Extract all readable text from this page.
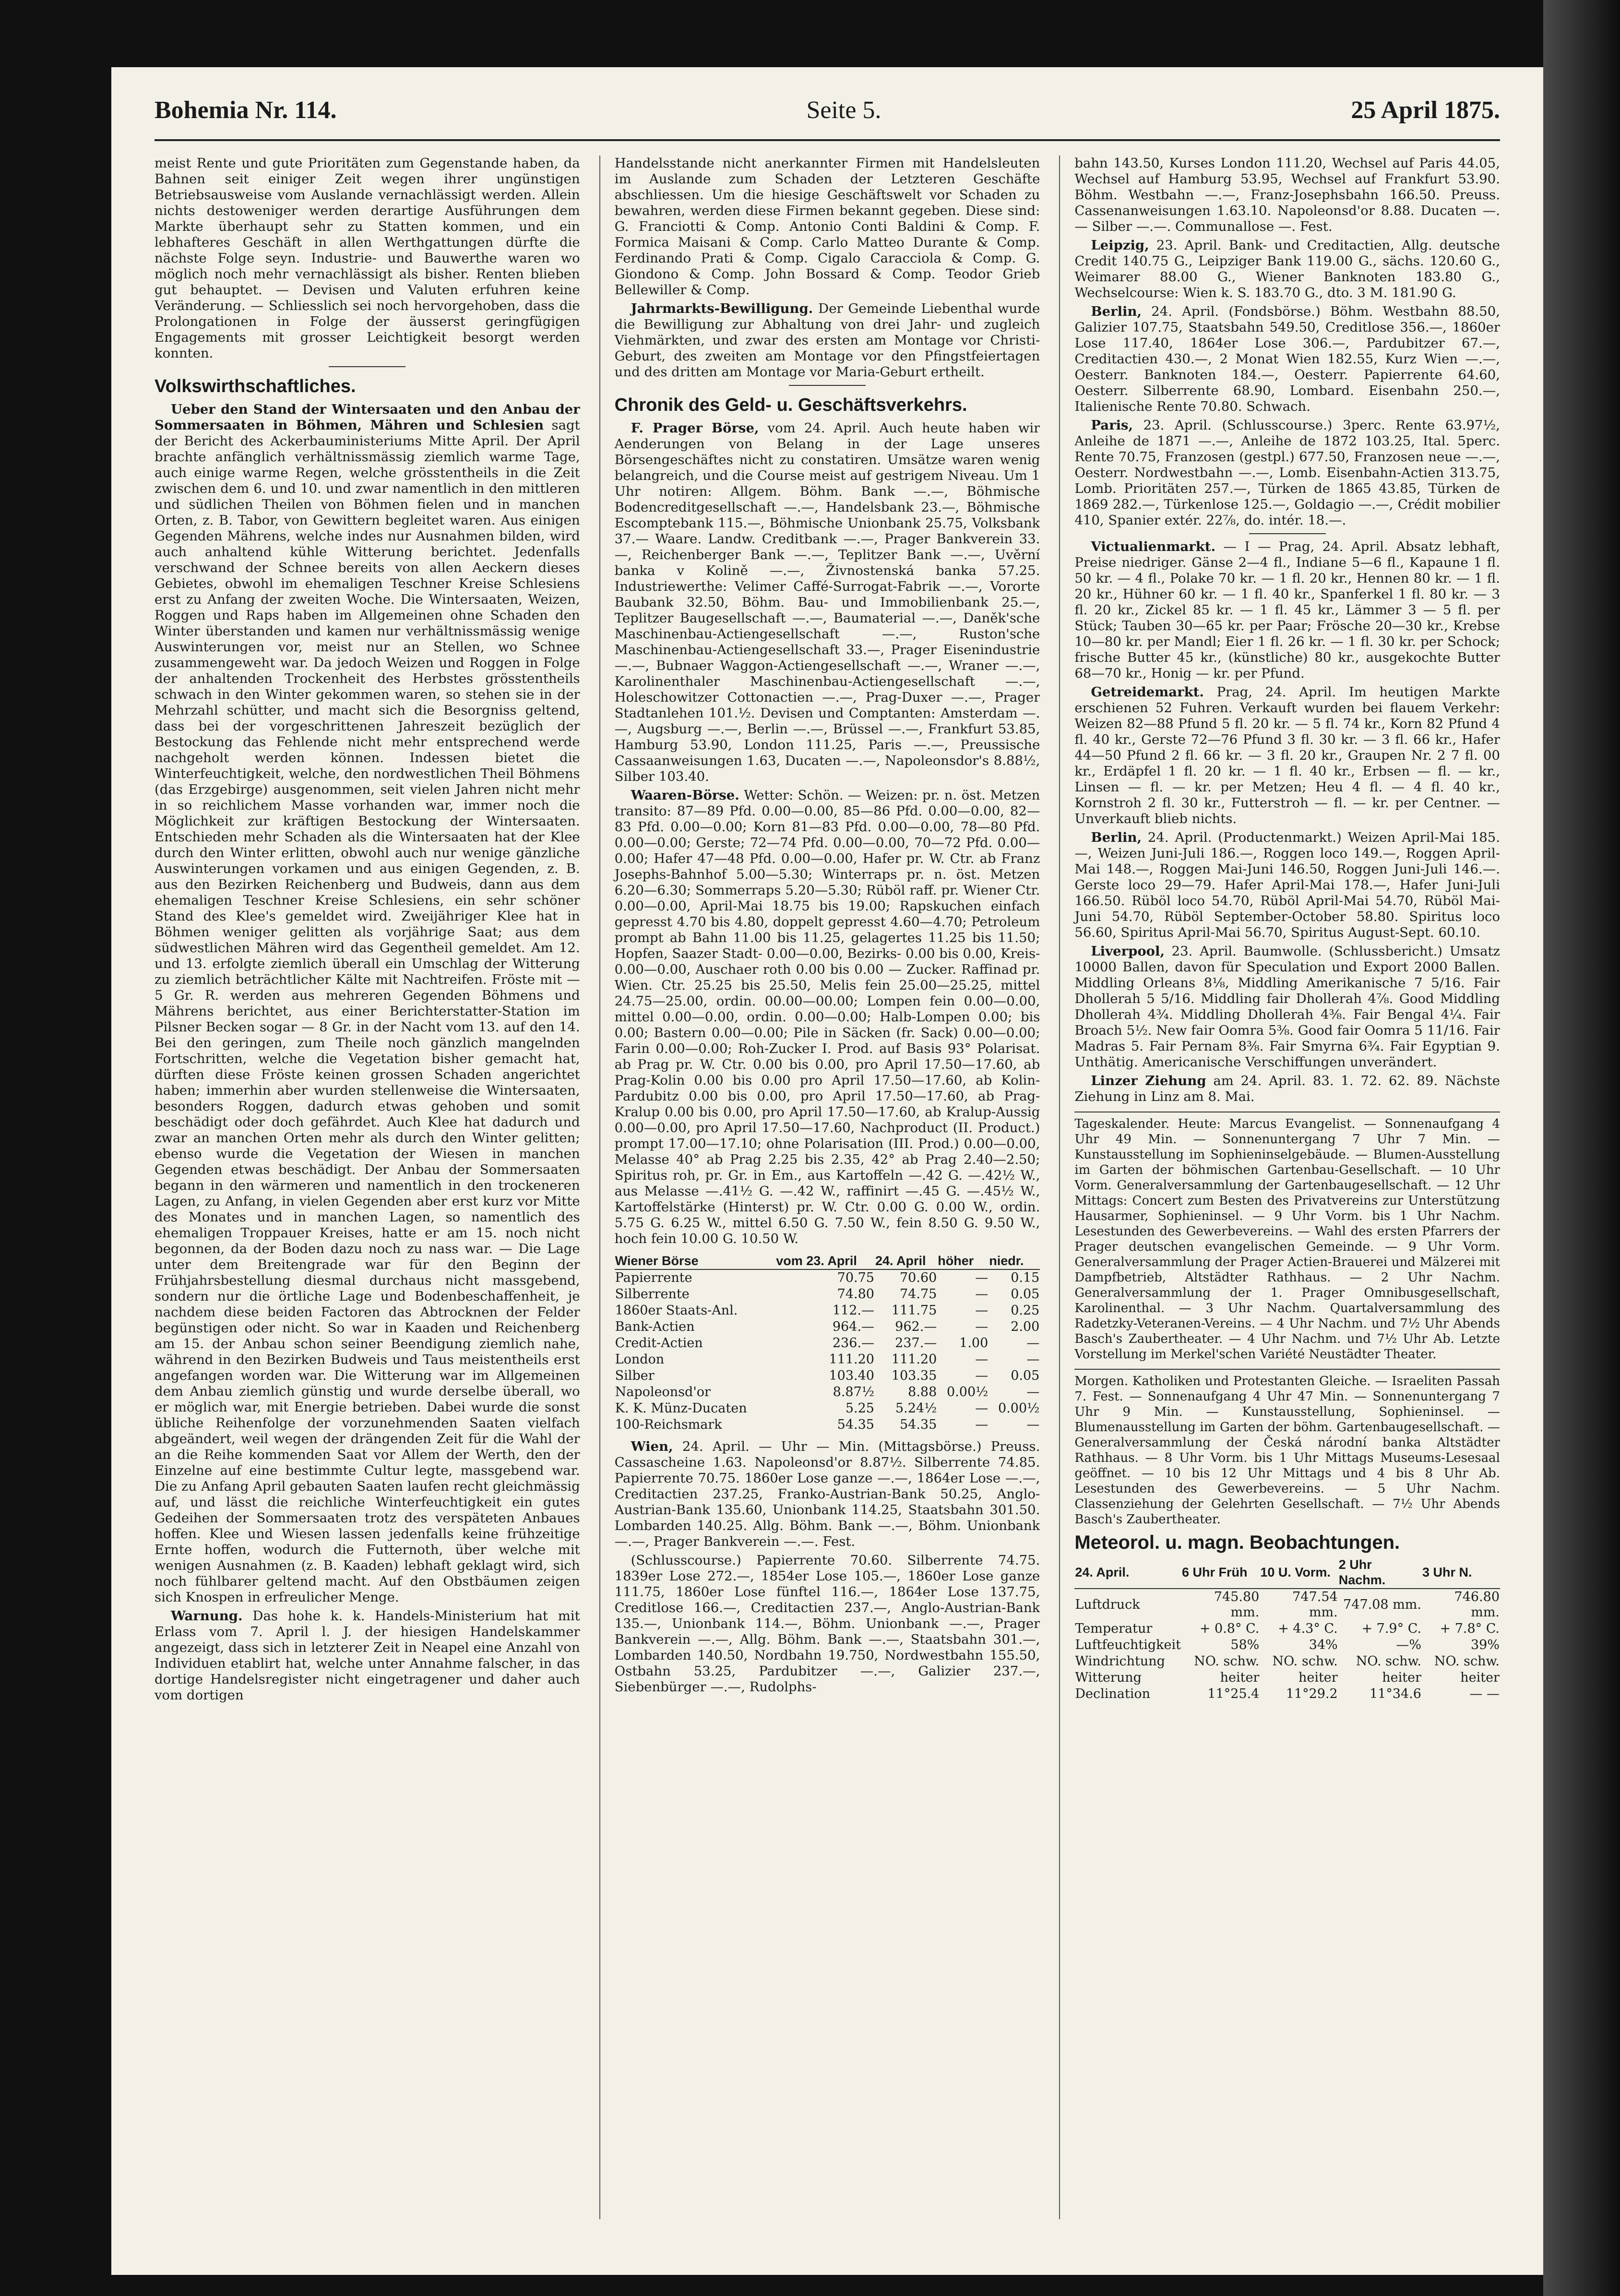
Bohemia Nr. 114.	Seite 5.	25 April 1875.

meist Rente und gute Prioritäten zum Gegenstande haben, da Bahnen seit einiger Zeit wegen ihrer ungünstigen Betriebsausweise vom Auslande vernachlässigt werden. Allein nichts destoweniger werden derartige Ausführungen dem Markte überhaupt sehr zu Statten kommen, und ein lebhafteres Geschäft in allen Werthgattungen dürfte die nächste Folge seyn. Industrie- und Bauwerthe waren wo möglich noch mehr vernachlässigt als bisher. Renten blieben gut behauptet. — Devisen und Valuten erfuhren keine Veränderung. — Schliesslich sei noch hervorgehoben, dass die Prolongationen in Folge der äusserst geringfügigen Engagements mit grosser Leichtigkeit besorgt werden konnten.

Volkswirthschaftliches.

Ueber den Stand der Wintersaaten und den Anbau der Sommersaaten in Böhmen, Mähren und Schlesien sagt der Bericht des Ackerbauministeriums Mitte April. Der April brachte anfänglich verhältnissmässig ziemlich warme Tage, auch einige warme Regen, welche grösstentheils in die Zeit zwischen dem 6. und 10. und zwar namentlich in den mittleren und südlichen Theilen von Böhmen fielen und in manchen Orten, z. B. Tabor, von Gewittern begleitet waren. Aus einigen Gegenden Mährens, welche indes nur Ausnahmen bilden, wird auch anhaltend kühle Witterung berichtet. Jedenfalls verschwand der Schnee bereits von allen Aeckern dieses Gebietes, obwohl im ehemaligen Teschner Kreise Schlesiens erst zu Anfang der zweiten Woche. Die Wintersaaten, Weizen, Roggen und Raps haben im Allgemeinen ohne Schaden den Winter überstanden und kamen nur verhältnissmässig wenige Auswinterungen vor, meist nur an Stellen, wo Schnee zusammengeweht war. Da jedoch Weizen und Roggen in Folge der anhaltenden Trockenheit des Herbstes grösstentheils schwach in den Winter gekommen waren, so stehen sie in der Mehrzahl schütter, und macht sich die Besorgniss geltend, dass bei der vorgeschrittenen Jahreszeit bezüglich der Bestockung das Fehlende nicht mehr entsprechend werde nachgeholt werden können. Indessen bietet die Winterfeuchtigkeit, welche, den nordwestlichen Theil Böhmens (das Erzgebirge) ausgenommen, seit vielen Jahren nicht mehr in so reichlichem Masse vorhanden war, immer noch die Möglichkeit zur kräftigen Bestockung der Wintersaaten. Entschieden mehr Schaden als die Wintersaaten hat der Klee durch den Winter erlitten, obwohl auch nur wenige gänzliche Auswinterungen vorkamen und aus einigen Gegenden, z. B. aus den Bezirken Reichenberg und Budweis, dann aus dem ehemaligen Teschner Kreise Schlesiens, ein sehr schöner Stand des Klee's gemeldet wird. Zweijähriger Klee hat in Böhmen weniger gelitten als vorjährige Saat; aus dem südwestlichen Mähren wird das Gegentheil gemeldet. Am 12. und 13. erfolgte ziemlich überall ein Umschlag der Witterung zu ziemlich beträchtlicher Kälte mit Nachtreifen. Fröste mit — 5 Gr. R. werden aus mehreren Gegenden Böhmens und Mährens berichtet, aus einer Berichterstatter-Station im Pilsner Becken sogar — 8 Gr. in der Nacht vom 13. auf den 14. Bei den geringen, zum Theile noch gänzlich mangelnden Fortschritten, welche die Vegetation bisher gemacht hat, dürften diese Fröste keinen grossen Schaden angerichtet haben; immerhin aber wurden stellenweise die Wintersaaten, besonders Roggen, dadurch etwas gehoben und somit beschädigt oder doch gefährdet. Auch Klee hat dadurch und zwar an manchen Orten mehr als durch den Winter gelitten; ebenso wurde die Vegetation der Wiesen in manchen Gegenden etwas beschädigt. Der Anbau der Sommersaaten begann in den wärmeren und namentlich in den trockeneren Lagen, zu Anfang, in vielen Gegenden aber erst kurz vor Mitte des Monates und in manchen Lagen, so namentlich des ehemaligen Troppauer Kreises, hatte er am 15. noch nicht begonnen, da der Boden dazu noch zu nass war. — Die Lage unter dem Breitengrade war für den Beginn der Frühjahrsbestellung diesmal durchaus nicht massgebend, sondern nur die örtliche Lage und Bodenbeschaffenheit, je nachdem diese beiden Factoren das Abtrocknen der Felder begünstigen oder nicht. So war in Kaaden und Reichenberg am 15. der Anbau schon seiner Beendigung ziemlich nahe, während in den Bezirken Budweis und Taus meistentheils erst angefangen worden war. Die Witterung war im Allgemeinen dem Anbau ziemlich günstig und wurde derselbe überall, wo er möglich war, mit Energie betrieben. Dabei wurde die sonst übliche Reihenfolge der vorzunehmenden Saaten vielfach abgeändert, weil wegen der drängenden Zeit für die Wahl der an die Reihe kommenden Saat vor Allem der Werth, den der Einzelne auf eine bestimmte Cultur legte, massgebend war. Die zu Anfang April gebauten Saaten laufen recht gleichmässig auf, und lässt die reichliche Winterfeuchtigkeit ein gutes Gedeihen der Sommersaaten trotz des verspäteten Anbaues hoffen. Klee und Wiesen lassen jedenfalls keine frühzeitige Ernte hoffen, wodurch die Futternoth, über welche mit wenigen Ausnahmen (z. B. Kaaden) lebhaft geklagt wird, sich noch fühlbarer geltend macht. Auf den Obstbäumen zeigen sich Knospen in erfreulicher Menge.

Warnung. Das hohe k. k. Handels-Ministerium hat mit Erlass vom 7. April l. J. der hiesigen Handelskammer angezeigt, dass sich in letzterer Zeit in Neapel eine Anzahl von Individuen etablirt hat, welche unter Annahme falscher, in das dortige Handelsregister nicht eingetragener und daher auch vom dortigen

Handelsstande nicht anerkannter Firmen mit Handelsleuten im Auslande zum Schaden der Letzteren Geschäfte abschliessen. Um die hiesige Geschäftswelt vor Schaden zu bewahren, werden diese Firmen bekannt gegeben. Diese sind: G. Franciotti & Comp. Antonio Conti Baldini & Comp. F. Formica Maisani & Comp. Carlo Matteo Durante & Comp. Ferdinando Prati & Comp. Cigalo Caracciola & Comp. G. Giondono & Comp. John Bossard & Comp. Teodor Grieb Bellewiller & Comp.

Jahrmarkts-Bewilligung. Der Gemeinde Liebenthal wurde die Bewilligung zur Abhaltung von drei Jahr- und zugleich Viehmärkten, und zwar des ersten am Montage vor Christi-Geburt, des zweiten am Montage vor den Pfingstfeiertagen und des dritten am Montage vor Maria-Geburt ertheilt.

Chronik des Geld- u. Geschäftsverkehrs.

F. Prager Börse, vom 24. April. Auch heute haben wir Aenderungen von Belang in der Lage unseres Börsengeschäftes nicht zu constatiren. Umsätze waren wenig belangreich, und die Course meist auf gestrigem Niveau. Um 1 Uhr notiren: Allgem. Böhm. Bank —.—, Böhmische Bodencreditgesellschaft —.—, Handelsbank 23.—, Böhmische Escomptebank 115.—, Böhmische Unionbank 25.75, Volksbank 37.— Waare. Landw. Creditbank —.—, Prager Bankverein 33.—, Reichenberger Bank —.—, Teplitzer Bank —.—, Uvěrní banka v Kolině —.—, Živnostenská banka 57.25. Industriewerthe: Velimer Caffé-Surrogat-Fabrik —.—, Vororte Baubank 32.50, Böhm. Bau- und Immobilienbank 25.—, Teplitzer Baugesellschaft —.—, Baumaterial —.—, Daněk'sche Maschinenbau-Actiengesellschaft —.—, Ruston'sche Maschinenbau-Actiengesellschaft 33.—, Prager Eisenindustrie —.—, Bubnaer Waggon-Actiengesellschaft —.—, Wraner —.—, Karolinenthaler Maschinenbau-Actiengesellschaft —.—, Holeschowitzer Cottonactien —.—, Prag-Duxer —.—, Prager Stadtanlehen 101.½. Devisen und Comptanten: Amsterdam —.—, Augsburg —.—, Berlin —.—, Brüssel —.—, Frankfurt 53.85, Hamburg 53.90, London 111.25, Paris —.—, Preussische Cassaanweisungen 1.63, Ducaten —.—, Napoleonsdor's 8.88½, Silber 103.40.

Waaren-Börse. Wetter: Schön. — Weizen: pr. n. öst. Metzen transito: 87—89 Pfd. 0.00—0.00, 85—86 Pfd. 0.00—0.00, 82—83 Pfd. 0.00—0.00; Korn 81—83 Pfd. 0.00—0.00, 78—80 Pfd. 0.00—0.00; Gerste; 72—74 Pfd. 0.00—0.00, 70—72 Pfd. 0.00—0.00; Hafer 47—48 Pfd. 0.00—0.00, Hafer pr. W. Ctr. ab Franz Josephs-Bahnhof 5.00—5.30; Winterraps pr. n. öst. Metzen 6.20—6.30; Sommerraps 5.20—5.30; Rüböl raff. pr. Wiener Ctr. 0.00—0.00, April-Mai 18.75 bis 19.00; Rapskuchen einfach gepresst 4.70 bis 4.80, doppelt gepresst 4.60—4.70; Petroleum prompt ab Bahn 11.00 bis 11.25, gelagertes 11.25 bis 11.50; Hopfen, Saazer Stadt- 0.00—0.00, Bezirks- 0.00 bis 0.00, Kreis- 0.00—0.00, Auschaer roth 0.00 bis 0.00 — Zucker. Raffinad pr. Wien. Ctr. 25.25 bis 25.50, Melis fein 25.00—25.25, mittel 24.75—25.00, ordin. 00.00—00.00; Lompen fein 0.00—0.00, mittel 0.00—0.00, ordin. 0.00—0.00; Halb-Lompen 0.00; bis 0.00; Bastern 0.00—0.00; Pile in Säcken (fr. Sack) 0.00—0.00; Farin 0.00—0.00; Roh-Zucker I. Prod. auf Basis 93° Polarisat. ab Prag pr. W. Ctr. 0.00 bis 0.00, pro April 17.50—17.60, ab Prag-Kolin 0.00 bis 0.00 pro April 17.50—17.60, ab Kolin-Pardubitz 0.00 bis 0.00, pro April 17.50—17.60, ab Prag-Kralup 0.00 bis 0.00, pro April 17.50—17.60, ab Kralup-Aussig 0.00—0.00, pro April 17.50—17.60, Nachproduct (II. Product.) prompt 17.00—17.10; ohne Polarisation (III. Prod.) 0.00—0.00, Melasse 40° ab Prag 2.25 bis 2.35, 42° ab Prag 2.40—2.50; Spiritus roh, pr. Gr. in Em., aus Kartoffeln —.42 G. —.42½ W., aus Melasse —.41½ G. —.42 W., raffinirt —.45 G. —.45½ W., Kartoffelstärke (Hinterst) pr. W. Ctr. 0.00 G. 0.00 W., ordin. 5.75 G. 6.25 W., mittel 6.50 G. 7.50 W., fein 8.50 G. 9.50 W., hoch fein 10.00 G. 10.50 W.

Wiener Börse	vom 23. April	24. April	höher	niedr.
Papierrente	70.75	70.60	—	0.15
Silberrente	74.80	74.75	—	0.05
1860er Staats-Anl.	112.—	111.75	—	0.25
Bank-Actien	964.—	962.—	—	2.00
Credit-Actien	236.—	237.—	1.00	—
London	111.20	111.20	—	—
Silber	103.40	103.35	—	0.05
Napoleonsd'or	8.87½	8.88	0.00½	—
K. K. Münz-Ducaten	5.25	5.24½	—	0.00½
100-Reichsmark	54.35	54.35	—	—

Wien, 24. April. — Uhr — Min. (Mittagsbörse.) Preuss. Cassascheine 1.63. Napoleonsd'or 8.87½. Silberrente 74.85. Papierrente 70.75. 1860er Lose ganze —.—, 1864er Lose —.—, Creditactien 237.25, Franko-Austrian-Bank 50.25, Anglo-Austrian-Bank 135.60, Unionbank 114.25, Staatsbahn 301.50. Lombarden 140.25. Allg. Böhm. Bank —.—, Böhm. Unionbank —.—, Prager Bankverein —.—. Fest.

(Schlusscourse.) Papierrente 70.60. Silberrente 74.75. 1839er Lose 272.—, 1854er Lose 105.—, 1860er Lose ganze 111.75, 1860er Lose fünftel 116.—, 1864er Lose 137.75, Creditlose 166.—, Creditactien 237.—, Anglo-Austrian-Bank 135.—, Unionbank 114.—, Böhm. Unionbank —.—, Prager Bankverein —.—, Allg. Böhm. Bank —.—, Staatsbahn 301.—, Lombarden 140.50, Nordbahn 19.750, Nordwestbahn 155.50, Ostbahn 53.25, Pardubitzer —.—, Galizier 237.—, Siebenbürger —.—, Rudolphs-

bahn 143.50, Kurses London 111.20, Wechsel auf Paris 44.05, Wechsel auf Hamburg 53.95, Wechsel auf Frankfurt 53.90. Böhm. Westbahn —.—, Franz-Josephsbahn 166.50. Preuss. Cassenanweisungen 1.63.10. Napoleonsd'or 8.88. Ducaten —.— Silber —.—. Communallose —. Fest.

Leipzig, 23. April. Bank- und Creditactien, Allg. deutsche Credit 140.75 G., Leipziger Bank 119.00 G., sächs. 120.60 G., Weimarer 88.00 G., Wiener Banknoten 183.80 G., Wechselcourse: Wien k. S. 183.70 G., dto. 3 M. 181.90 G.

Berlin, 24. April. (Fondsbörse.) Böhm. Westbahn 88.50, Galizier 107.75, Staatsbahn 549.50, Creditlose 356.—, 1860er Lose 117.40, 1864er Lose 306.—, Pardubitzer 67.—, Creditactien 430.—, 2 Monat Wien 182.55, Kurz Wien —.—, Oesterr. Banknoten 184.—, Oesterr. Papierrente 64.60, Oesterr. Silberrente 68.90, Lombard. Eisenbahn 250.—, Italienische Rente 70.80. Schwach.

Paris, 23. April. (Schlusscourse.) 3perc. Rente 63.97½, Anleihe de 1871 —.—, Anleihe de 1872 103.25, Ital. 5perc. Rente 70.75, Franzosen (gestpl.) 677.50, Franzosen neue —.—, Oesterr. Nordwestbahn —.—, Lomb. Eisenbahn-Actien 313.75, Lomb. Prioritäten 257.—, Türken de 1865 43.85, Türken de 1869 282.—, Türkenlose 125.—, Goldagio —.—, Crédit mobilier 410, Spanier extér. 22⅞, do. intér. 18.—.

Victualienmarkt. — I — Prag, 24. April. Absatz lebhaft, Preise niedriger. Gänse 2—4 fl., Indiane 5—6 fl., Kapaune 1 fl. 50 kr. — 4 fl., Polake 70 kr. — 1 fl. 20 kr., Hennen 80 kr. — 1 fl. 20 kr., Hühner 60 kr. — 1 fl. 40 kr., Spanferkel 1 fl. 80 kr. — 3 fl. 20 kr., Zickel 85 kr. — 1 fl. 45 kr., Lämmer 3 — 5 fl. per Stück; Tauben 30—65 kr. per Paar; Frösche 20—30 kr., Krebse 10—80 kr. per Mandl; Eier 1 fl. 26 kr. — 1 fl. 30 kr. per Schock; frische Butter 45 kr., (künstliche) 80 kr., ausgekochte Butter 68—70 kr., Honig — kr. per Pfund.

Getreidemarkt. Prag, 24. April. Im heutigen Markte erschienen 52 Fuhren. Verkauft wurden bei flauem Verkehr: Weizen 82—88 Pfund 5 fl. 20 kr. — 5 fl. 74 kr., Korn 82 Pfund 4 fl. 40 kr., Gerste 72—76 Pfund 3 fl. 30 kr. — 3 fl. 66 kr., Hafer 44—50 Pfund 2 fl. 66 kr. — 3 fl. 20 kr., Graupen Nr. 2 7 fl. 00 kr., Erdäpfel 1 fl. 20 kr. — 1 fl. 40 kr., Erbsen — fl. — kr., Linsen — fl. — kr. per Metzen; Heu 4 fl. — 4 fl. 40 kr., Kornstroh 2 fl. 30 kr., Futterstroh — fl. — kr. per Centner. — Unverkauft blieb nichts.

Berlin, 24. April. (Productenmarkt.) Weizen April-Mai 185.—, Weizen Juni-Juli 186.—, Roggen loco 149.—, Roggen April-Mai 148.—, Roggen Mai-Juni 146.50, Roggen Juni-Juli 146.—. Gerste loco 29—79. Hafer April-Mai 178.—, Hafer Juni-Juli 166.50. Rüböl loco 54.70, Rüböl April-Mai 54.70, Rüböl Mai-Juni 54.70, Rüböl September-October 58.80. Spiritus loco 56.60, Spiritus April-Mai 56.70, Spiritus August-Sept. 60.10.

Liverpool, 23. April. Baumwolle. (Schlussbericht.) Umsatz 10000 Ballen, davon für Speculation und Export 2000 Ballen. Middling Orleans 8⅛, Middling Amerikanische 7 5/16. Fair Dhollerah 5 5/16. Middling fair Dhollerah 4⅞. Good Middling Dhollerah 4¾. Middling Dhollerah 4⅜. Fair Bengal 4¼. Fair Broach 5½. New fair Oomra 5⅜. Good fair Oomra 5 11/16. Fair Madras 5. Fair Pernam 8⅜. Fair Smyrna 6¾. Fair Egyptian 9. Unthätig. Americanische Verschiffungen unverändert.

Linzer Ziehung am 24. April. 83. 1. 72. 62. 89. Nächste Ziehung in Linz am 8. Mai.

Tageskalender. Heute: Marcus Evangelist. — Sonnenaufgang 4 Uhr 49 Min. — Sonnenuntergang 7 Uhr 7 Min. — Kunstausstellung im Sophieninselgebäude. — Blumen-Ausstellung im Garten der böhmischen Gartenbau-Gesellschaft. — 10 Uhr Vorm. Generalversammlung der Gartenbaugesellschaft. — 12 Uhr Mittags: Concert zum Besten des Privatvereins zur Unterstützung Hausarmer, Sophieninsel. — 9 Uhr Vorm. bis 1 Uhr Nachm. Lesestunden des Gewerbevereins. — Wahl des ersten Pfarrers der Prager deutschen evangelischen Gemeinde. — 9 Uhr Vorm. Generalversammlung der Prager Actien-Brauerei und Mälzerei mit Dampfbetrieb, Altstädter Rathhaus. — 2 Uhr Nachm. Generalversammlung der 1. Prager Omnibusgesellschaft, Karolinenthal. — 3 Uhr Nachm. Quartalversammlung des Radetzky-Veteranen-Vereins. — 4 Uhr Nachm. und 7½ Uhr Abends Basch's Zaubertheater. — 4 Uhr Nachm. und 7½ Uhr Ab. Letzte Vorstellung im Merkel'schen Variété Neustädter Theater.
Morgen. Katholiken und Protestanten Gleiche. — Israeliten Passah 7. Fest. — Sonnenaufgang 4 Uhr 47 Min. — Sonnenuntergang 7 Uhr 9 Min. — Kunstausstellung, Sophieninsel. — Blumenausstellung im Garten der böhm. Gartenbaugesellschaft. — Generalversammlung der Česká národní banka Altstädter Rathhaus. — 8 Uhr Vorm. bis 1 Uhr Mittags Museums-Lesesaal geöffnet. — 10 bis 12 Uhr Mittags und 4 bis 8 Uhr Ab. Lesestunden des Gewerbevereins. — 5 Uhr Nachm. Classenziehung der Gelehrten Gesellschaft. — 7½ Uhr Abends Basch's Zaubertheater.
Meteorol. u. magn. Beobachtungen.
24. April.	6 Uhr Früh	10 U. Vorm.	2 Uhr Nachm.	3 Uhr N.
Luftdruck	745.80 mm.	747.54 mm.	747.08 mm.	746.80 mm.
Temperatur	+ 0.8° C.	+ 4.3° C.	+ 7.9° C.	+ 7.8° C.
Luftfeuchtigkeit	58%	34%	—%	39%
Windrichtung	NO. schw.	NO. schw.	NO. schw.	NO. schw.
Witterung	heiter	heiter	heiter	heiter
Declination	11°25.4	11°29.2	11°34.6	— —
